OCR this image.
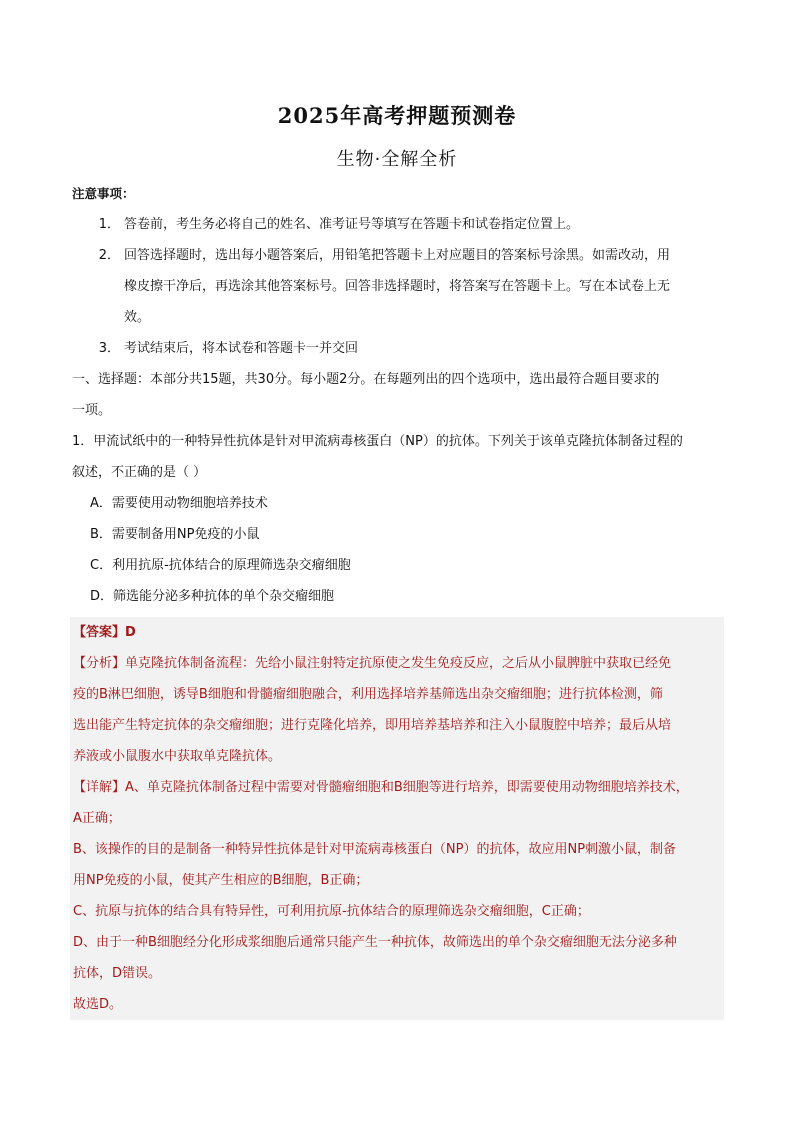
2025年高考押题预测卷
生物·全解全析
注意事项：
1． 答卷前，考生务必将自己的姓名、准考证号等填写在答题卡和试卷指定位置上。
2． 回答选择题时，选出每小题答案后，用铅笔把答题卡上对应题目的答案标号涂黑。如需改动，用
橡皮擦干净后，再选涂其他答案标号。回答非选择题时，将答案写在答题卡上。写在本试卷上无
效。
3． 考试结束后，将本试卷和答题卡一并交回
一、选择题：本部分共15题，共30分。每小题2分。在每题列出的四个选项中，选出最符合题目要求的
一项。
1．甲流试纸中的一种特异性抗体是针对甲流病毒核蛋白（NP）的抗体。下列关于该单克隆抗体制备过程的
叙述，不正确的是（ ）
A．需要使用动物细胞培养技术
B．需要制备用NP免疫的小鼠
C．利用抗原-抗体结合的原理筛选杂交瘤细胞
D．筛选能分泌多种抗体的单个杂交瘤细胞
【答案】D
【分析】单克隆抗体制备流程：先给小鼠注射特定抗原使之发生免疫反应，之后从小鼠脾脏中获取已经免
疫的B淋巴细胞，诱导B细胞和骨髓瘤细胞融合，利用选择培养基筛选出杂交瘤细胞；进行抗体检测，筛
选出能产生特定抗体的杂交瘤细胞；进行克隆化培养，即用培养基培养和注入小鼠腹腔中培养；最后从培
养液或小鼠腹水中获取单克隆抗体。
【详解】A、单克隆抗体制备过程中需要对骨髓瘤细胞和B细胞等进行培养，即需要使用动物细胞培养技术，
A正确；
B、该操作的目的是制备一种特异性抗体是针对甲流病毒核蛋白（NP）的抗体，故应用NP刺激小鼠，制备
用NP免疫的小鼠，使其产生相应的B细胞，B正确；
C、抗原与抗体的结合具有特异性，可利用抗原-抗体结合的原理筛选杂交瘤细胞，C正确；
D、由于一种B细胞经分化形成浆细胞后通常只能产生一种抗体，故筛选出的单个杂交瘤细胞无法分泌多种
抗体，D错误。
故选D。
